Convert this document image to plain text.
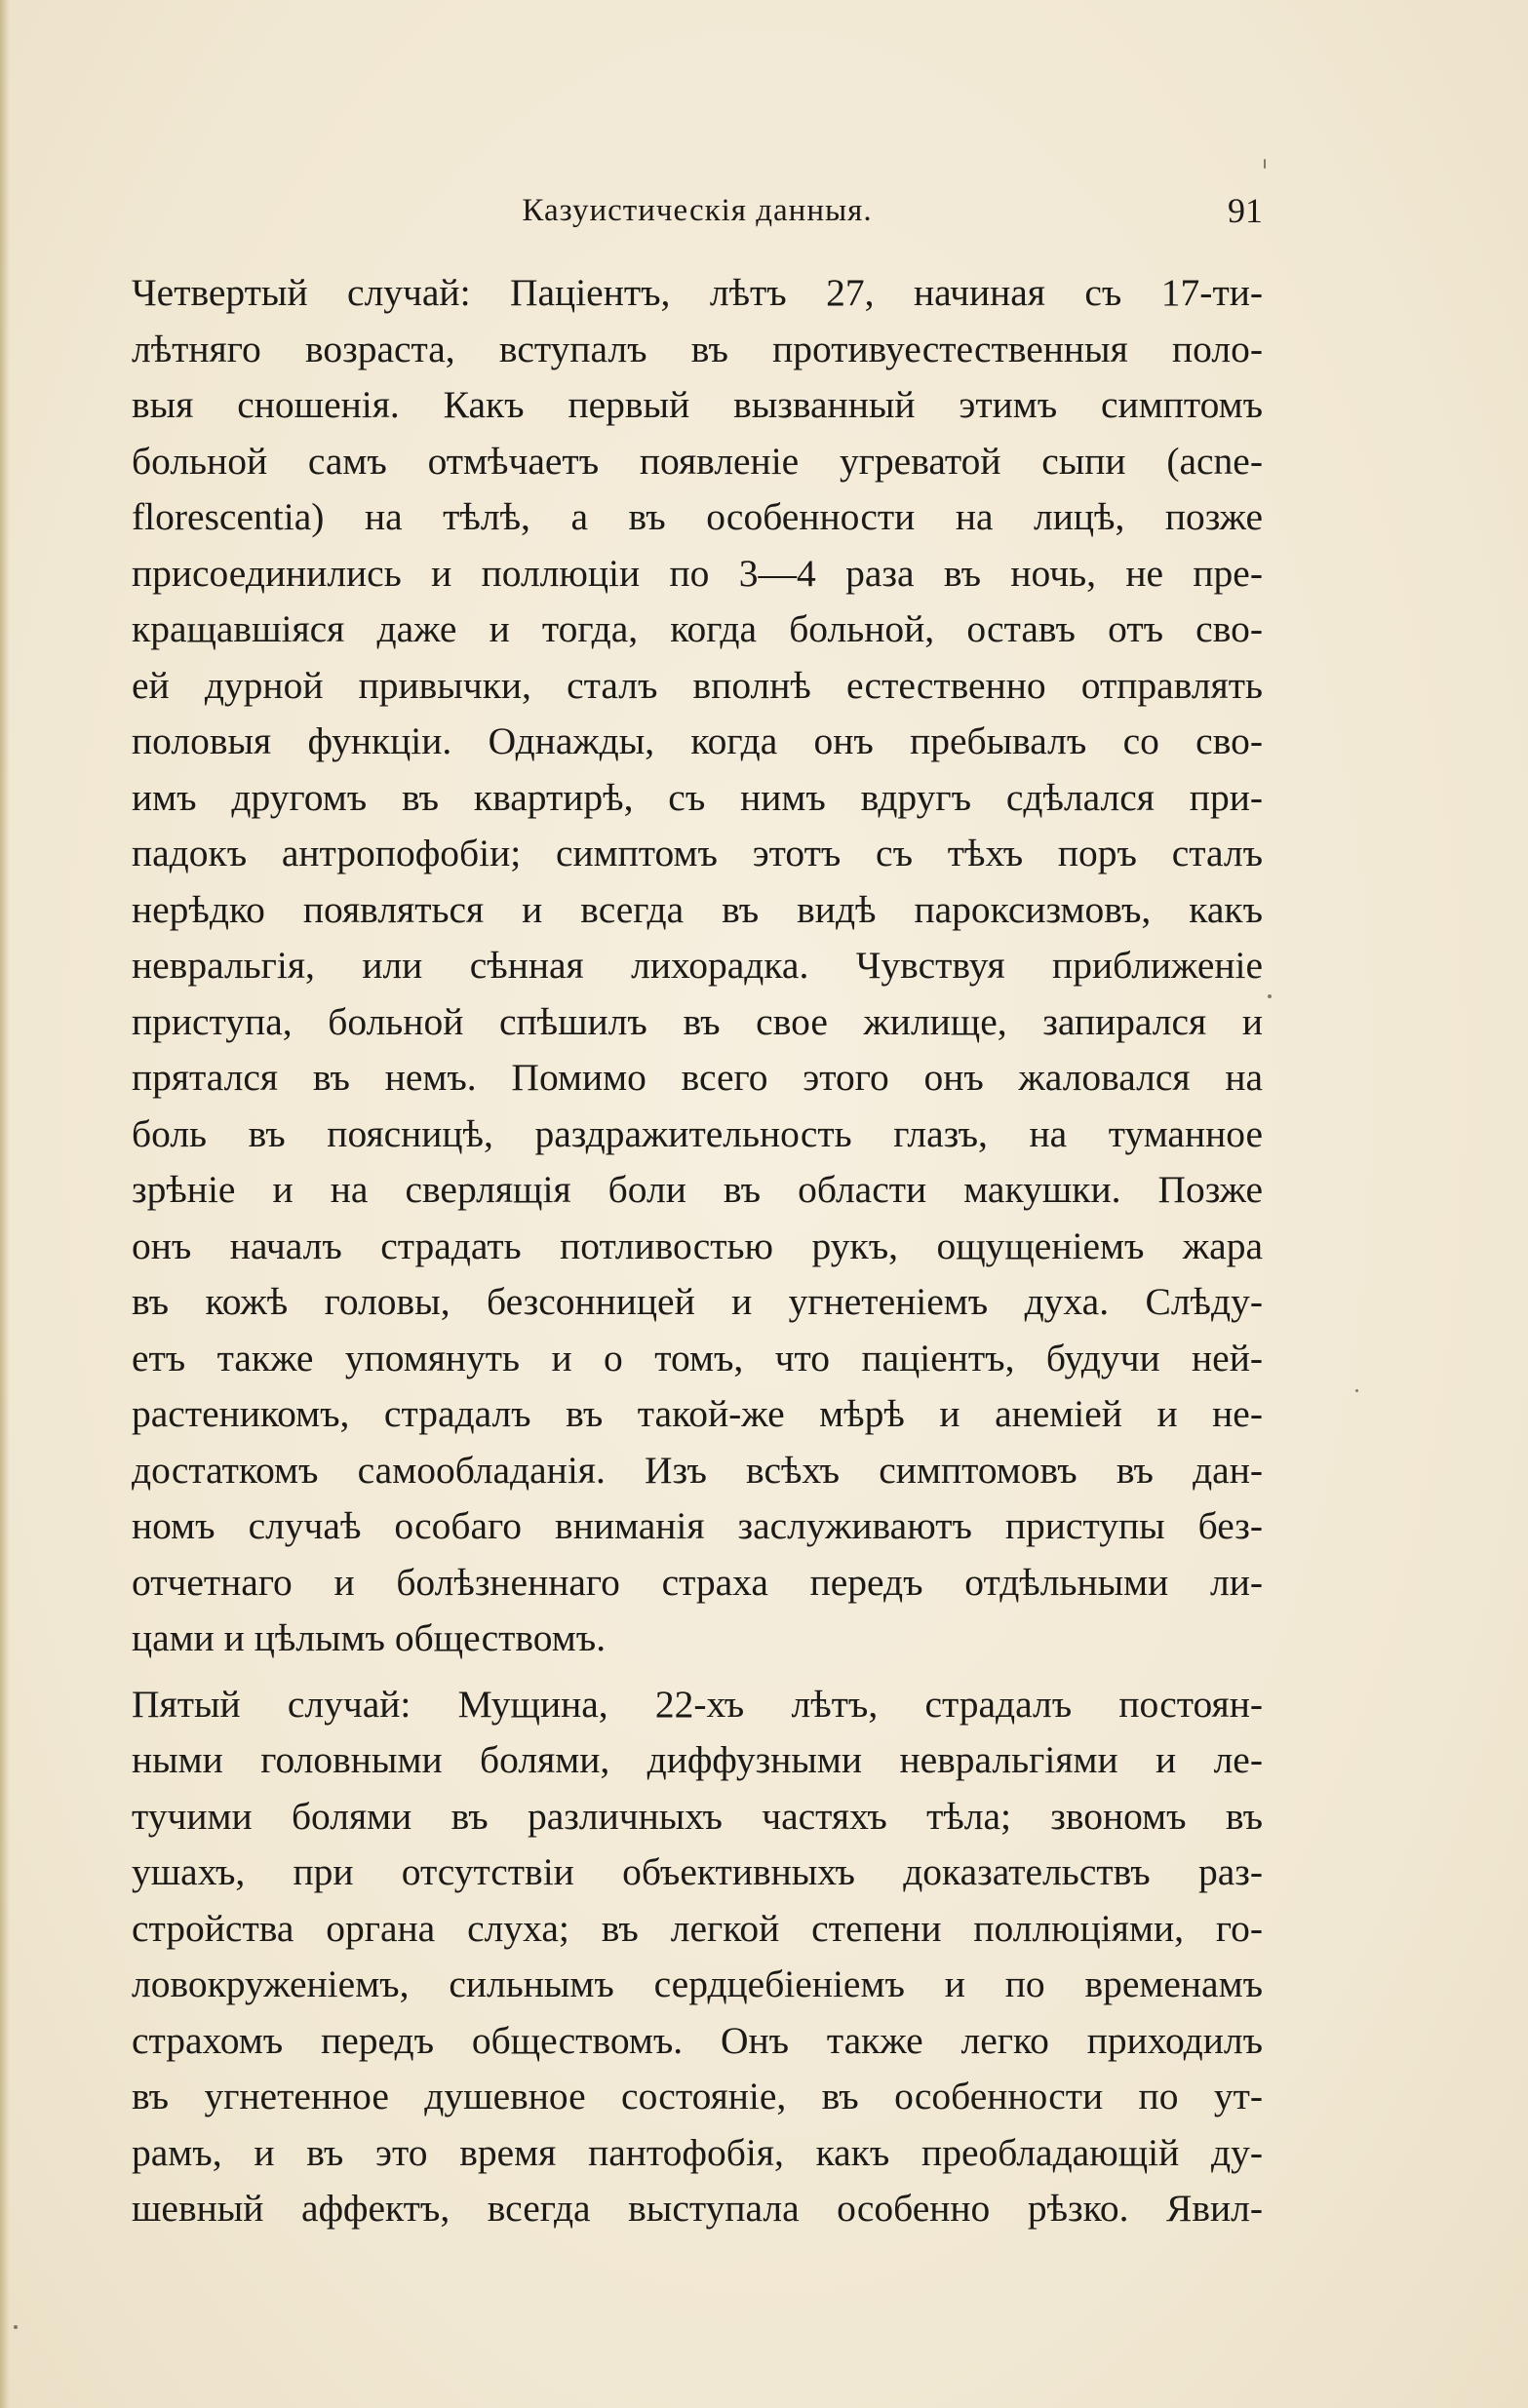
Казуистическія данныя.	91
Четвертый случай: Паціентъ, лѣтъ 27, начиная съ 17-ти-
лѣтняго возраста, вступалъ въ противуестественныя поло-
выя сношенія. Какъ первый вызванный этимъ симптомъ
больной самъ отмѣчаетъ появленіе угреватой сыпи (acne-
florescentia) на тѣлѣ, а въ особенности на лицѣ, позже
присоединились и поллюціи по 3—4 раза въ ночь, не пре-
кращавшіяся даже и тогда, когда больной, оставъ отъ сво-
ей дурной привычки, сталъ вполнѣ естественно отправлять
половыя функціи. Однажды, когда онъ пребывалъ со сво-
имъ другомъ въ квартирѣ, съ нимъ вдругъ сдѣлался при-
падокъ антропофобіи; симптомъ этотъ съ тѣхъ поръ сталъ
нерѣдко появляться и всегда въ видѣ пароксизмовъ, какъ
невральгія, или сѣнная лихорадка. Чувствуя приближеніе
приступа, больной спѣшилъ въ свое жилище, запирался и
прятался въ немъ. Помимо всего этого онъ жаловался на
боль въ поясницѣ, раздражительность глазъ, на туманное
зрѣніе и на сверлящія боли въ области макушки. Позже
онъ началъ страдать потливостью рукъ, ощущеніемъ жара
въ кожѣ головы, безсонницей и угнетеніемъ духа. Слѣду-
етъ также упомянуть и о томъ, что паціентъ, будучи ней-
растеникомъ, страдалъ въ такой-же мѣрѣ и анеміей и не-
достаткомъ самообладанія. Изъ всѣхъ симптомовъ въ дан-
номъ случаѣ особаго вниманія заслуживаютъ приступы без-
отчетнаго и болѣзненнаго страха передъ отдѣльными ли-
цами и цѣлымъ обществомъ.
Пятый случай: Мущина, 22-хъ лѣтъ, страдалъ постоян-
ными головными болями, диффузными невральгіями и ле-
тучими болями въ различныхъ частяхъ тѣла; звономъ въ
ушахъ, при отсутствіи объективныхъ доказательствъ раз-
стройства органа слуха; въ легкой степени поллюціями, го-
ловокруженіемъ, сильнымъ сердцебіеніемъ и по временамъ
страхомъ передъ обществомъ. Онъ также легко приходилъ
въ угнетенное душевное состояніе, въ особенности по ут-
рамъ, и въ это время пантофобія, какъ преобладающій ду-
шевный аффектъ, всегда выступала особенно рѣзко. Явил-
